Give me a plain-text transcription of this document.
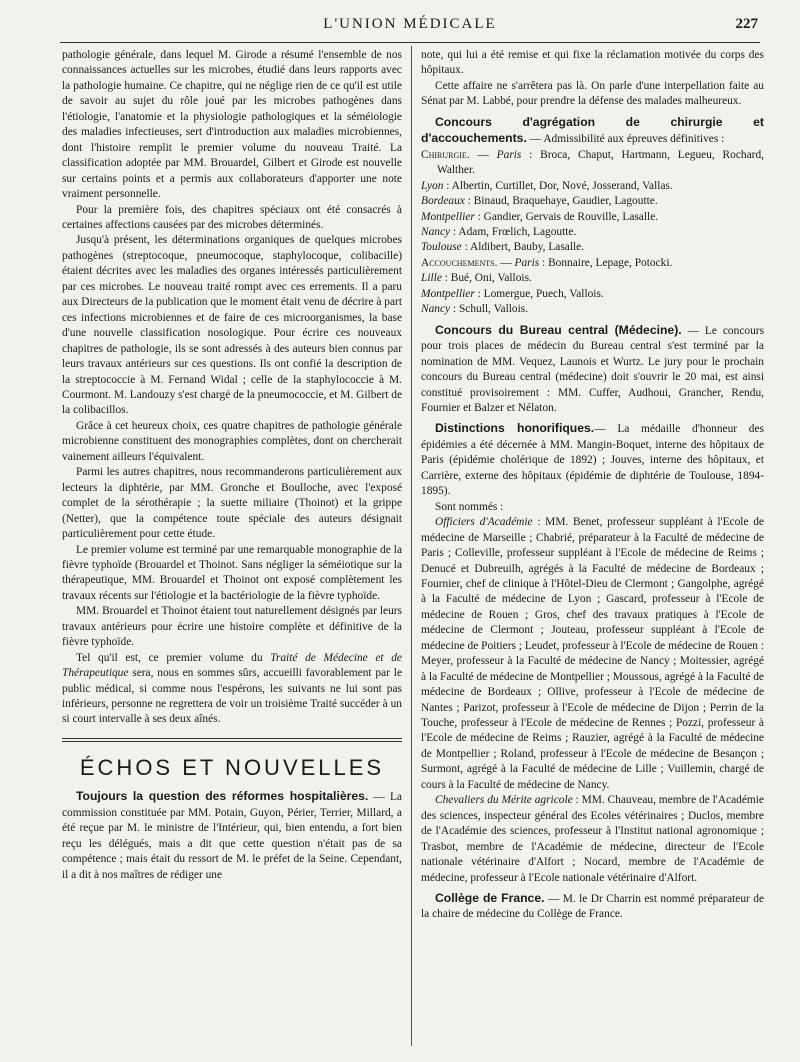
L'UNION MÉDICALE	227

pathologie générale, dans lequel M. Girode a résumé l'ensemble de nos connaissances actuelles sur les microbes, étudié dans leurs rapports avec la pathologie humaine. Ce chapitre, qui ne néglige rien de ce qu'il est utile de savoir au sujet du rôle joué par les microbes pathogènes dans l'étiologie, l'anatomie et la physiologie pathologiques et la séméiologie des maladies infectieuses, sert d'introduction aux maladies microbiennes, dont l'histoire remplit le premier volume du nouveau Traité. La classification adoptée par MM. Brouardel, Gilbert et Girode est nouvelle sur certains points et a permis aux collaborateurs d'apporter une note vraiment personnelle.

Pour la première fois, des chapitres spéciaux ont été consacrés à certaines affections causées par des microbes déterminés.

Jusqu'à présent, les déterminations organiques de quelques microbes pathogènes (streptocoque, pneumocoque, staphylocoque, colibacille) étaient décrites avec les maladies des organes intéressés particulièrement par ces microbes. Le nouveau traité rompt avec ces errements. Il a paru aux Directeurs de la publication que le moment était venu de décrire à part ces infections microbiennes et de faire de ces microorganismes, la base d'une nouvelle classification nosologique. Pour écrire ces nouveaux chapitres de pathologie, ils se sont adressés à des auteurs bien connus par leurs travaux antérieurs sur ces questions. Ils ont confié la description de la streptococcie à M. Fernand Widal ; celle de la staphylococcie à M. Courmont. M. Landouzy s'est chargé de la pneumococcie, et M. Gilbert de la colibacillos.

Grâce à cet heureux choix, ces quatre chapitres de pathologie générale microbienne constituent des monographies complètes, dont on chercherait vainement ailleurs l'équivalent.

Parmi les autres chapitres, nous recommanderons particulièrement aux lecteurs la diphtérie, par MM. Gronche et Boulloche, avec l'exposé complet de la sérothérapie ; la suette miliaire (Thoinot) et la grippe (Netter), que la compétence toute spéciale des auteurs désignait particulièrement pour cette étude.

Le premier volume est terminé par une remarquable monographie de la fièvre typhoïde (Brouardel et Thoinot. Sans négliger la séméiotique sur la thérapeutique, MM. Brouardel et Thoinot ont exposé complètement les travaux récents sur l'étiologie et la bactériologie de la fièvre typhoïde.

MM. Brouardel et Thoinot étaient tout naturellement désignés par leurs travaux antérieurs pour écrire une histoire complète et définitive de la fièvre typhoïde.

Tel qu'il est, ce premier volume du Traité de Médecine et de Thérapeutique sera, nous en sommes sûrs, accueilli favorablement par le public médical, si comme nous l'espérons, les suivants ne lui sont pas inférieurs, personne ne regrettera de voir un troisième Traité succéder à un si court intervalle à ses deux aînés.

ÉCHOS ET NOUVELLES

Toujours la question des réformes hospitalières. — La commission constituée par MM. Potain, Guyon, Périer, Terrier, Millard, a été reçue par M. le ministre de l'Intérieur, qui, bien entendu, a fort bien reçu les délégués, mais a dit que cette question n'était pas de sa compétence ; mais était du ressort de M. le préfet de la Seine. Cependant, il a dit à nos maîtres de rédiger une

note, qui lui a été remise et qui fixe la réclamation motivée du corps des hôpitaux.

Cette affaire ne s'arrêtera pas là. On parle d'une interpellation faite au Sénat par M. Labbé, pour prendre la défense des malades malheureux.

Concours d'agrégation de chirurgie et d'accouchements. — Admissibilité aux épreuves définitives :

Chirurgie. — Paris : Broca, Chaput, Hartmann, Legueu, Rochard, Walther.

Lyon : Albertin, Curtillet, Dor, Nové, Josserand, Vallas.

Bordeaux : Binaud, Braquehaye, Gaudier, Lagoutte.

Montpellier : Gandier, Gervais de Rouville, Lasalle.

Nancy : Adam, Frœlich, Lagoutte.

Toulouse : Aldibert, Bauby, Lasalle.

Accouchements. — Paris : Bonnaire, Lepage, Potocki.

Lille : Bué, Oni, Vallois.

Montpellier : Lomergue, Puech, Vallois.

Nancy : Schull, Vallois.

Concours du Bureau central (Médecine). — Le concours pour trois places de médecin du Bureau central s'est terminé par la nomination de MM. Vequez, Launois et Wurtz. Le jury pour le prochain concours du Bureau central (médecine) doit s'ouvrir le 20 mai, est ainsi constitué provisoirement : MM. Cuffer, Audhoui, Grancher, Rendu, Fournier et Balzer et Nélaton.

Distinctions honorifiques.— La médaille d'honneur des épidémies a été décernée à MM. Mangin-Boquet, interne des hôpitaux de Paris (épidémie cholérique de 1892) ; Jouves, interne des hôpitaux, et Carrière, externe des hôpitaux (épidémie de diphtérie de Toulouse, 1894-1895).

Sont nommés :

Officiers d'Académie : MM. Benet, professeur suppléant à l'Ecole de médecine de Marseille ; Chabrié, préparateur à la Faculté de médecine de Paris ; Colleville, professeur suppléant à l'Ecole de médecine de Reims ; Denucé et Dubreuilh, agrégés à la Faculté de médecine de Bordeaux ; Fournier, chef de clinique à l'Hôtel-Dieu de Clermont ; Gangolphe, agrégé à la Faculté de médecine de Lyon ; Gascard, professeur à l'Ecole de médecine de Rouen ; Gros, chef des travaux pratiques à l'Ecole de médecine de Clermont ; Jouteau, professeur suppléant à l'Ecole de médecine de Poitiers ; Leudet, professeur à l'Ecole de médecine de Rouen : Meyer, professeur à la Faculté de médecine de Nancy ; Moitessier, agrégé à la Faculté de médecine de Montpellier ; Moussous, agrégé à la Faculté de médecine de Bordeaux ; Ollive, professeur à l'Ecole de médecine de Nantes ; Parizot, professeur à l'Ecole de médecine de Dijon ; Perrin de la Touche, professeur à l'Ecole de médecine de Rennes ; Pozzi, professeur à l'Ecole de médecine de Reims ; Rauzier, agrégé à la Faculté de médecine de Montpellier ; Roland, professeur à l'Ecole de médecine de Besançon ; Surmont, agrégé à la Faculté de médecine de Lille ; Vuillemin, chargé de cours à la Faculté de médecine de Nancy.

Chevaliers du Mérite agricole : MM. Chauveau, membre de l'Académie des sciences, inspecteur général des Ecoles vétérinaires ; Duclos, membre de l'Académie des sciences, professeur à l'Institut national agronomique ; Trasbot, membre de l'Académie de médecine, directeur de l'Ecole nationale vétérinaire d'Alfort ; Nocard, membre de l'Académie de médecine, professeur à l'Ecole nationale vétérinaire d'Alfort.

Collège de France. — M. le Dr Charrin est nommé préparateur de la chaire de médecine du Collège de France.
